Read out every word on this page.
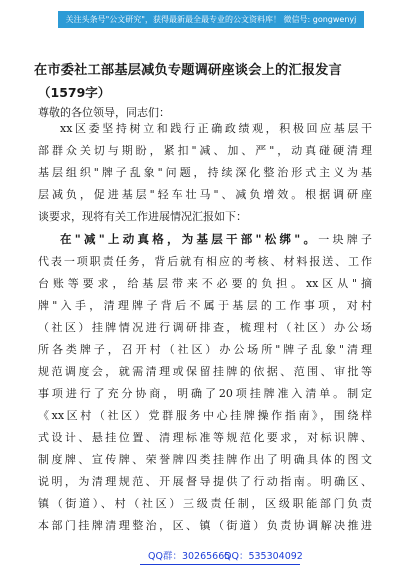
关注头条号"公文研究"，获得最新最全最专业的公文资料库！ 微信号: gongwenyj
在市委社工部基层减负专题调研座谈会上的汇报发言
（1579字）
尊敬的各位领导，同志们：
xx区委坚持树立和践行正确政绩观，积极回应基层干
部群众关切与期盼，紧扣"减、加、严"，动真碰硬清理
基层组织"牌子乱象"问题，持续深化整治形式主义为基
层减负，促进基层"轻车壮马"、减负增效。根据调研座
谈要求，现将有关工作进展情况汇报如下：
在"减"上动真格，为基层干部"松绑"。一块牌子
代表一项职责任务，背后就有相应的考核、材料报送、工作
台账等要求，给基层带来不必要的负担。xx区从"摘
牌"入手，清理牌子背后不属于基层的工作事项，对村
（社区）挂牌情况进行调研排查，梳理村（社区）办公场
所各类牌子，召开村（社区）办公场所"牌子乱象"清理
规范调度会，就需清理或保留挂牌的依据、范围、审批等
事项进行了充分协商，明确了20项挂牌准入清单。制定
《xx区村（社区）党群服务中心挂牌操作指南》，围绕样
式设计、悬挂位置、清理标准等规范化要求，对标识牌、
制度牌、宣传牌、荣誉牌四类挂牌作出了明确具体的图文
说明，为清理规范、开展督导提供了行动指南。明确区、
镇（街道）、村（社区）三级责任制，区级职能部门负责
本部门挂牌清理整治，区、镇（街道）负责协调解决推进
QQ群：30265665
QQ：535304092
